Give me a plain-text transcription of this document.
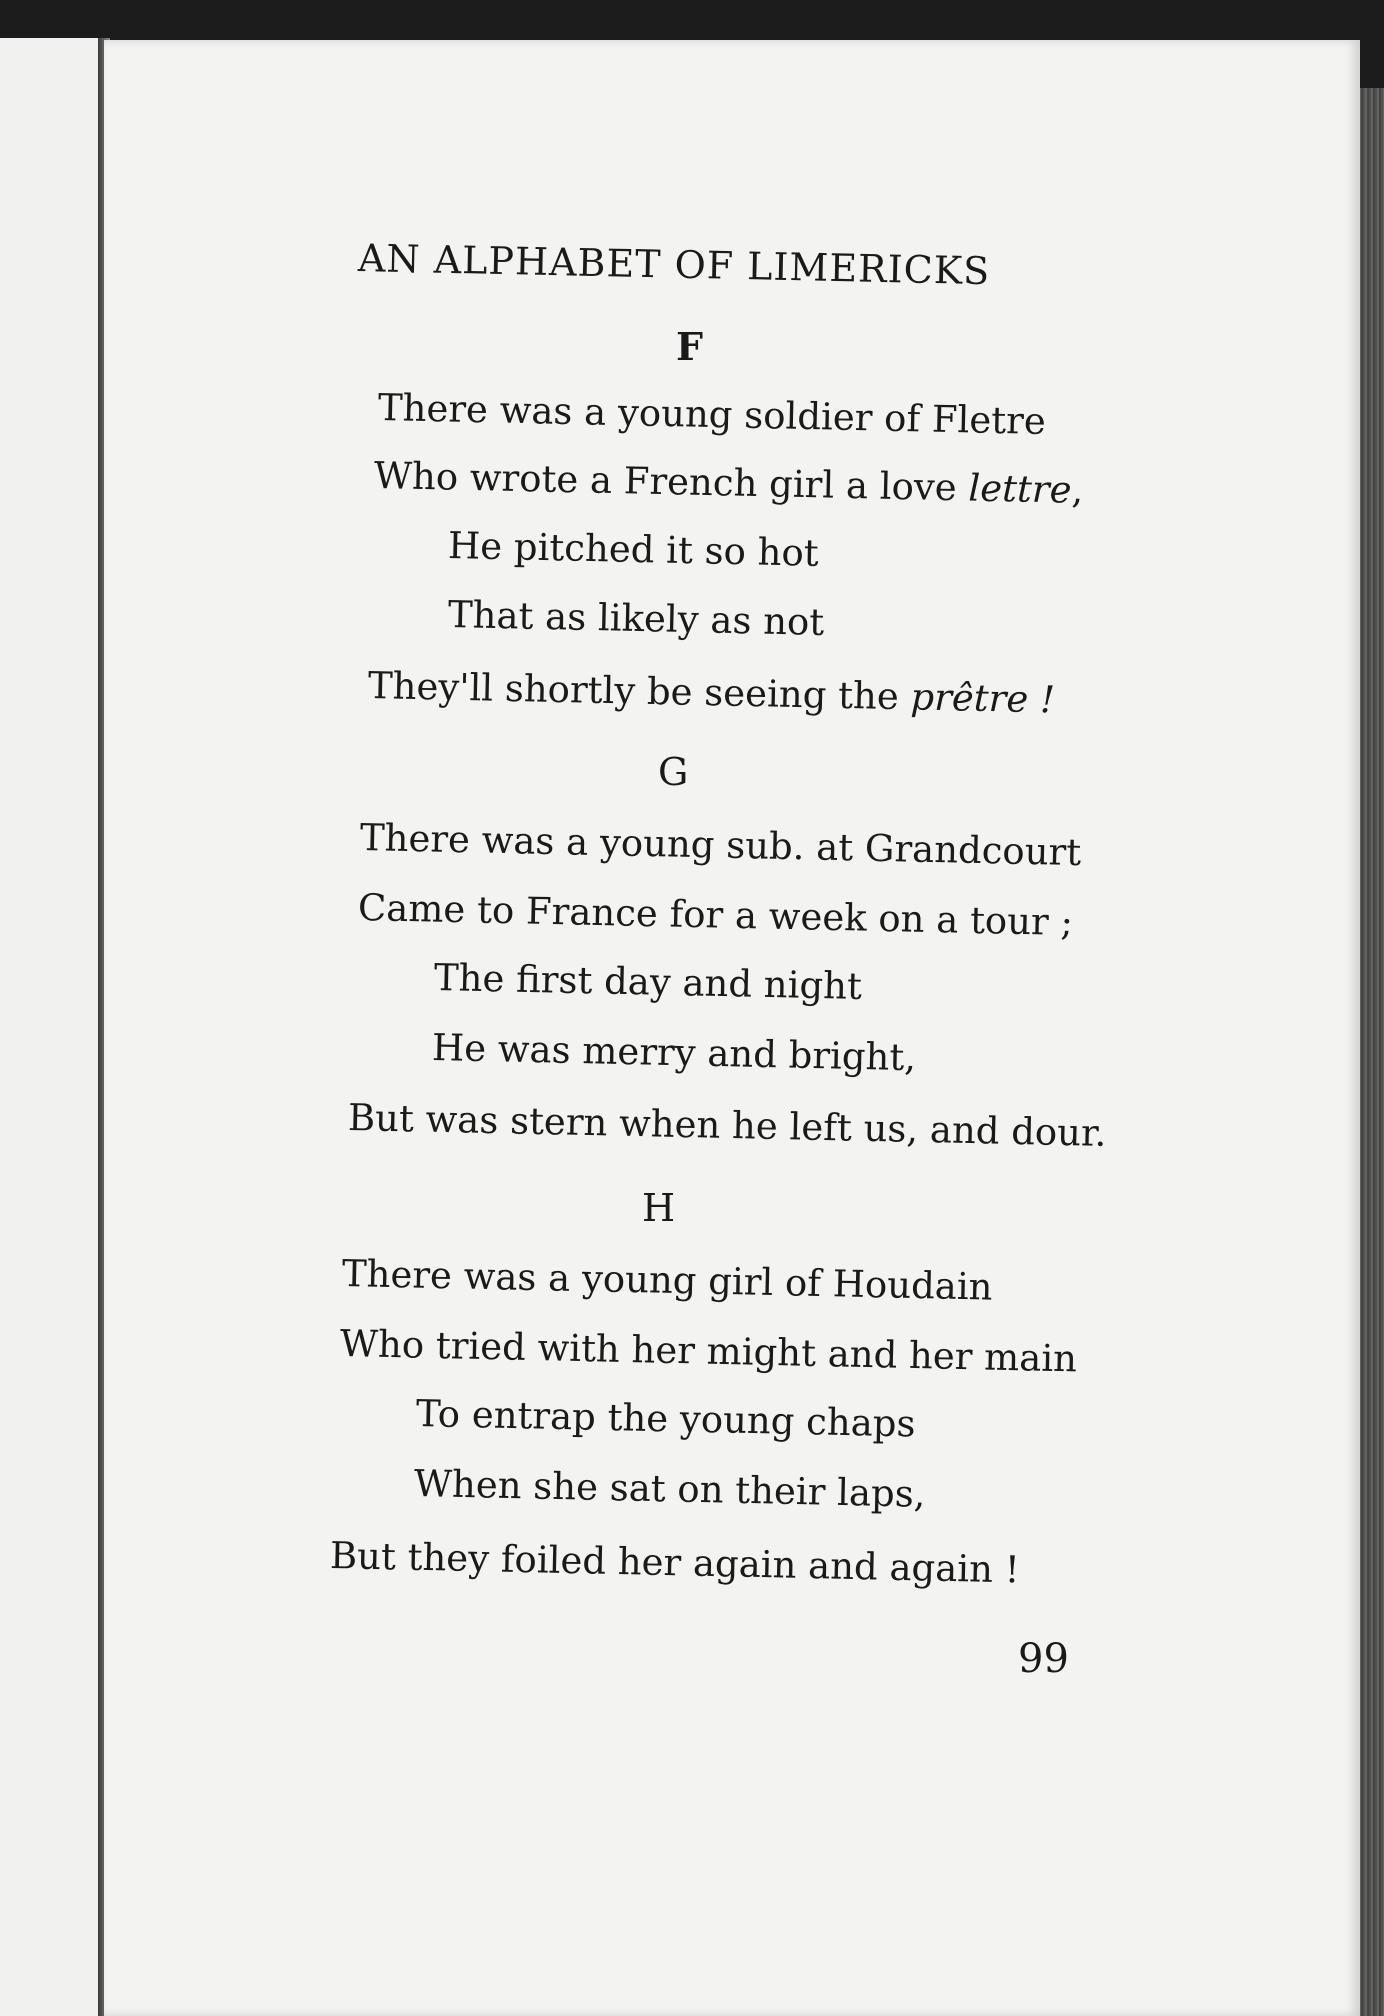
AN ALPHABET OF LIMERICKS
F
There was a young soldier of Fletre
Who wrote a French girl a love lettre,
He pitched it so hot
That as likely as not
They'll shortly be seeing the prêtre !
G
There was a young sub. at Grandcourt
Came to France for a week on a tour ;
The first day and night
He was merry and bright,
But was stern when he left us, and dour.
H
There was a young girl of Houdain
Who tried with her might and her main
To entrap the young chaps
When she sat on their laps,
But they foiled her again and again !
99
